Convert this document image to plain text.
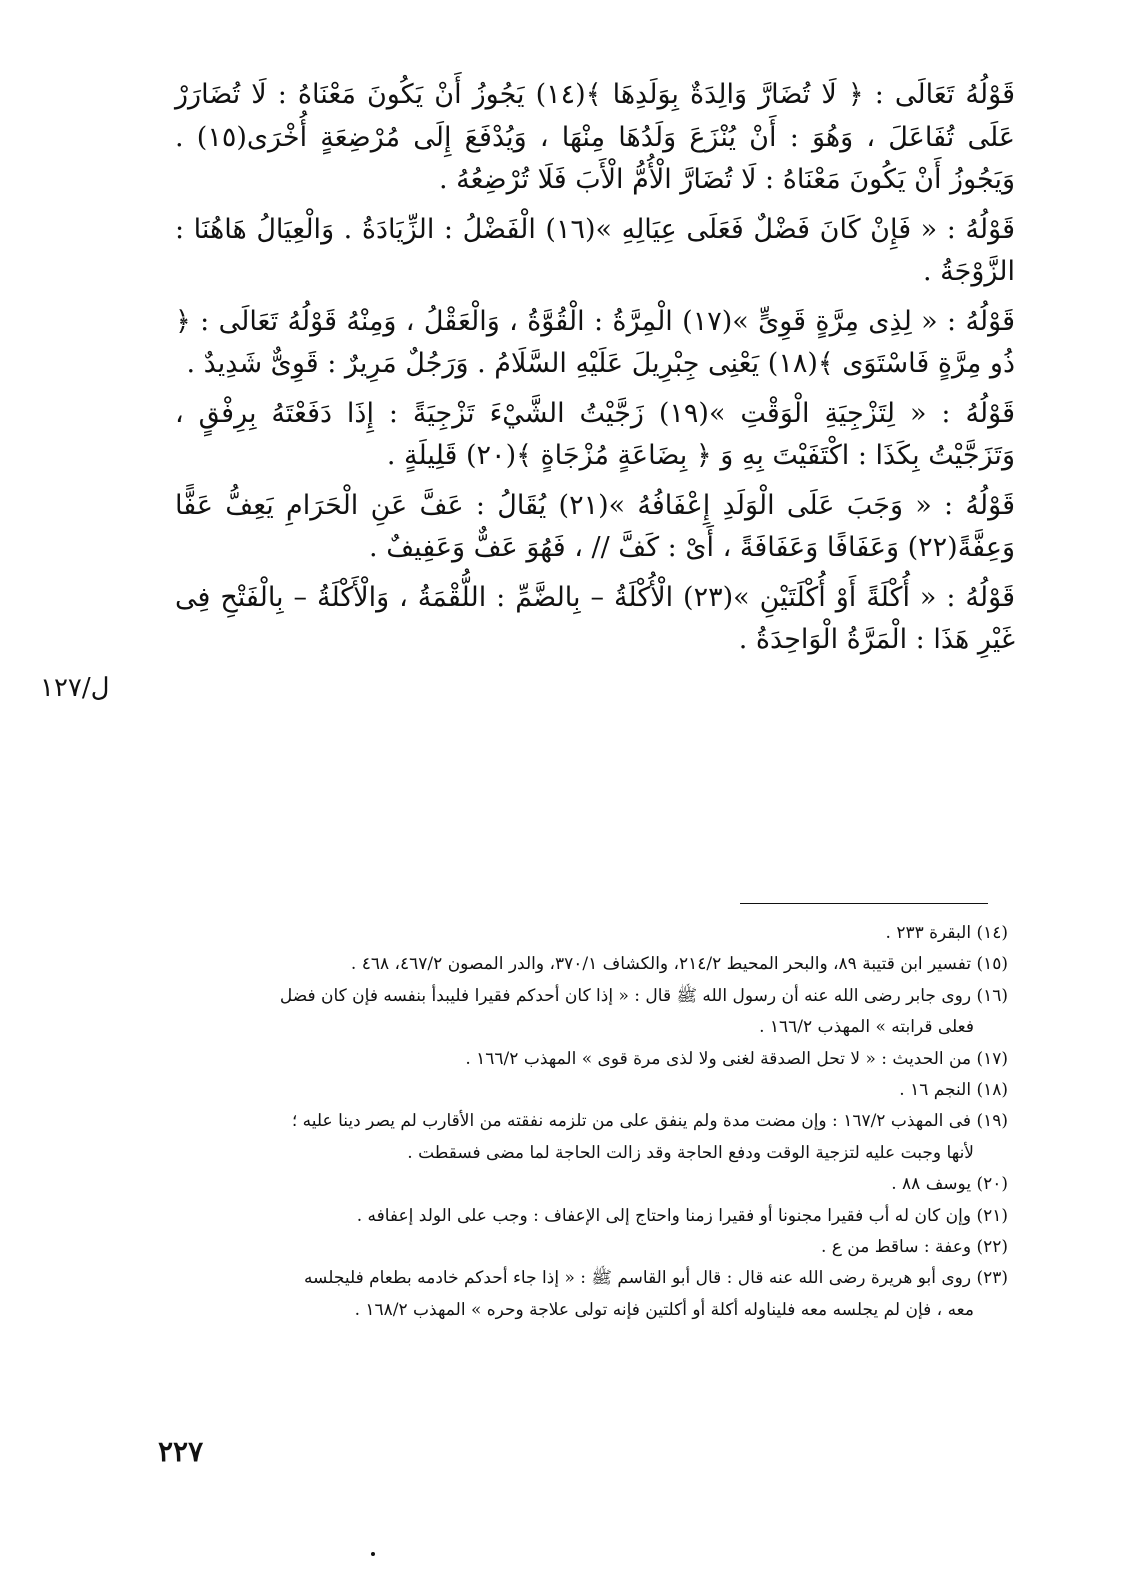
قَوْلُهُ تَعَالَى : ﴿ لَا تُضَارَّ وَالِدَةٌ بِوَلَدِهَا ﴾(١٤) يَجُوزُ أَنْ يَكُونَ مَعْنَاهُ : لَا تُضَارَرْ عَلَى تُفَاعَلَ ، وَهُوَ : أَنْ يُنْزَعَ وَلَدُهَا مِنْهَا ، وَيُدْفَعَ إِلَى مُرْضِعَةٍ أُخْرَى(١٥) . وَيَجُوزُ أَنْ يَكُونَ مَعْنَاهُ : لَا تُضَارَّ الْأُمُّ الْأَبَ فَلَا تُرْضِعُهُ .

قَوْلُهُ : « فَإِنْ كَانَ فَضْلٌ فَعَلَى عِيَالِهِ »(١٦) الْفَضْلُ : الزِّيَادَةُ . وَالْعِيَالُ هَاهُنَا : الزَّوْجَةُ .

قَوْلُهُ : « لِذِى مِرَّةٍ قَوِىٍّ »(١٧) الْمِرَّةُ : الْقُوَّةُ ، وَالْعَقْلُ ، وَمِنْهُ قَوْلُهُ تَعَالَى : ﴿ ذُو مِرَّةٍ فَاسْتَوَى ﴾(١٨) يَعْنِى جِبْرِيلَ عَلَيْهِ السَّلَامُ . وَرَجُلٌ مَرِيرٌ : قَوِىٌّ شَدِيدٌ .

قَوْلُهُ : « لِتَزْجِيَةِ الْوَقْتِ »(١٩) زَجَّيْتُ الشَّيْءَ تَزْجِيَةً : إِذَا دَفَعْتَهُ بِرِفْقٍ ، وَتَزَجَّيْتُ بِكَذَا : اكْتَفَيْتَ بِهِ وَ ﴿ بِضَاعَةٍ مُزْجَاةٍ ﴾(٢٠) قَلِيلَةٍ .

قَوْلُهُ : « وَجَبَ عَلَى الْوَلَدِ إِعْفَافُهُ »(٢١) يُقَالُ : عَفَّ عَنِ الْحَرَامِ يَعِفُّ عَفًّا وَعِفَّةً(٢٢) وَعَفَافًا وَعَفَافَةً ، أَىْ : كَفَّ // ، فَهُوَ عَفٌّ وَعَفِيفٌ .

قَوْلُهُ : « أُكْلَةً أَوْ أُكْلَتَيْنِ »(٢٣) الْأُكْلَةُ – بِالضَّمِّ : اللُّقْمَةُ ، وَالْأَكْلَةُ – بِالْفَتْحِ فِى غَيْرِ هَذَا : الْمَرَّةُ الْوَاحِدَةُ .

ل/١٢٧

(١٤) البقرة ٢٣٣ .

(١٥) تفسير ابن قتيبة ٨٩، والبحر المحيط ٢١٤/٢، والكشاف ٣٧٠/١، والدر المصون ٤٦٧/٢، ٤٦٨ .

(١٦) روى جابر رضى الله عنه أن رسول الله ﷺ قال : « إذا كان أحدكم فقيرا فليبدأ بنفسه فإن كان فضل

فعلى قرابته » المهذب ١٦٦/٢ .

(١٧) من الحديث : « لا تحل الصدقة لغنى ولا لذى مرة قوى » المهذب ١٦٦/٢ .

(١٨) النجم ١٦ .

(١٩) فى المهذب ١٦٧/٢ : وإن مضت مدة ولم ينفق على من تلزمه نفقته من الأقارب لم يصر دينا عليه ؛

لأنها وجبت عليه لتزجية الوقت ودفع الحاجة وقد زالت الحاجة لما مضى فسقطت .

(٢٠) يوسف ٨٨ .

(٢١) وإن كان له أب فقيرا مجنونا أو فقيرا زمنا واحتاج إلى الإعفاف : وجب على الولد إعفافه .

(٢٢) وعفة : ساقط من ع .

(٢٣) روى أبو هريرة رضى الله عنه قال : قال أبو القاسم ﷺ : « إذا جاء أحدكم خادمه بطعام فليجلسه

معه ، فإن لم يجلسه معه فليناوله أكلة أو أكلتين فإنه تولى علاجة وحره » المهذب ١٦٨/٢ .

٢٢٧
